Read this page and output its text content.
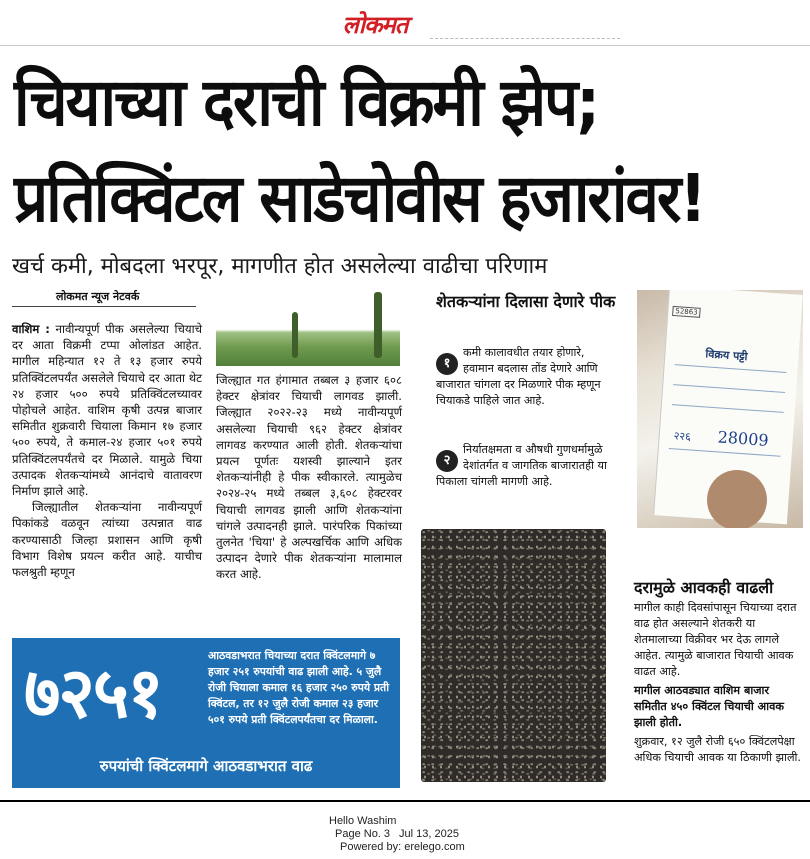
लोकमत
चियाच्या दराची विक्रमी झेप;
प्रतिक्विंटल साडेचोवीस हजारांवर!
खर्च कमी, मोबदला भरपूर, मागणीत होत असलेल्या वाढीचा परिणाम
लोकमत न्यूज नेटवर्क

वाशिम : नावीन्यपूर्ण पीक असलेल्या चियाचे दर आता विक्रमी टप्पा ओलांडत आहेत. मागील महिन्यात १२ ते १३ हजार रुपये प्रतिक्विंटलपर्यंत असलेले चियाचे दर आता थेट २४ हजार ५०० रुपये प्रतिक्विंटलच्यावर पोहोचले आहेत. वाशिम कृषी उत्पन्न बाजार समितीत शुक्रवारी चियाला किमान १७ हजार ५०० रुपये, ते कमाल-२४ हजार ५०१ रुपये प्रतिक्विंटलपर्यंतचे दर मिळाले. यामुळे चिया उत्पादक शेतकऱ्यांमध्ये आनंदाचे वातावरण निर्माण झाले आहे.

जिल्ह्यातील शेतकऱ्यांना नावीन्यपूर्ण पिकांकडे वळवून त्यांच्या उत्पन्नात वाढ करण्यासाठी जिल्हा प्रशासन आणि कृषी विभाग विशेष प्रयत्न करीत आहे. याचीच फलश्रुती म्हणून

जिल्ह्यात गत हंगामात तब्बल ३ हजार ६०८ हेक्टर क्षेत्रांवर चियाची लागवड झाली. जिल्ह्यात २०२२-२३ मध्ये नावीन्यपूर्ण असलेल्या चियाची ९६२ हेक्टर क्षेत्रांवर लागवड करण्यात आली होती. शेतकऱ्यांचा प्रयत्न पूर्णतः यशस्वी झाल्याने इतर शेतकऱ्यांनीही हे पीक स्वीकारले. त्यामुळेच २०२४-२५ मध्ये तब्बल ३,६०८ हेक्टरवर चियाची लागवड झाली आणि शेतकऱ्यांना चांगले उत्पादनही झाले. पारंपरिक पिकांच्या तुलनेत 'चिया' हे अल्पखर्चिक आणि अधिक उत्पादन देणारे पीक शेतकऱ्यांना मालामाल करत आहे.
७२५१	आठवडाभरात चियाच्या दरात क्विंटलमागे ७ हजार २५१ रुपयांची वाढ झाली आहे. ५ जुलै रोजी चियाला कमाल १६ हजार २५० रुपये प्रती क्विंटल, तर १२ जुलै रोजी कमाल २३ हजार ५०१ रुपये प्रती क्विंटलपर्यंतचा दर मिळाला.
रुपयांची क्विंटलमागे आठवडाभरात वाढ
शेतकऱ्यांना दिलासा देणारे पीक
१
कमी कालावधीत तयार होणारे, हवामान बदलास तोंड देणारे आणि बाजारात चांगला दर मिळणारे पीक म्हणून चियाकडे पाहिले जात आहे.
२
निर्यातक्षमता व औषधी गुणधर्मामुळे देशांतर्गत व जागतिक बाजारातही या पिकाला चांगली मागणी आहे.
52863
विक्रय पट्टी
२२६ 28009
दरामुळे आवकही वाढली

मागील काही दिवसांपासून चियाच्या दरात वाढ होत असल्याने शेतकरी या शेतमालाच्या विक्रीवर भर देऊ लागले आहेत. त्यामुळे बाजारात चियाची आवक वाढत आहे.

मागील आठवड्यात वाशिम बाजार समितीत ४५० क्विंटल चियाची आवक झाली होती.

शुक्रवार, १२ जुलै रोजी ६५० क्विंटलपेक्षा अधिक चियाची आवक या ठिकाणी झाली.

Hello Washim
Page No. 3 Jul 13, 2025
Powered by: erelego.com
